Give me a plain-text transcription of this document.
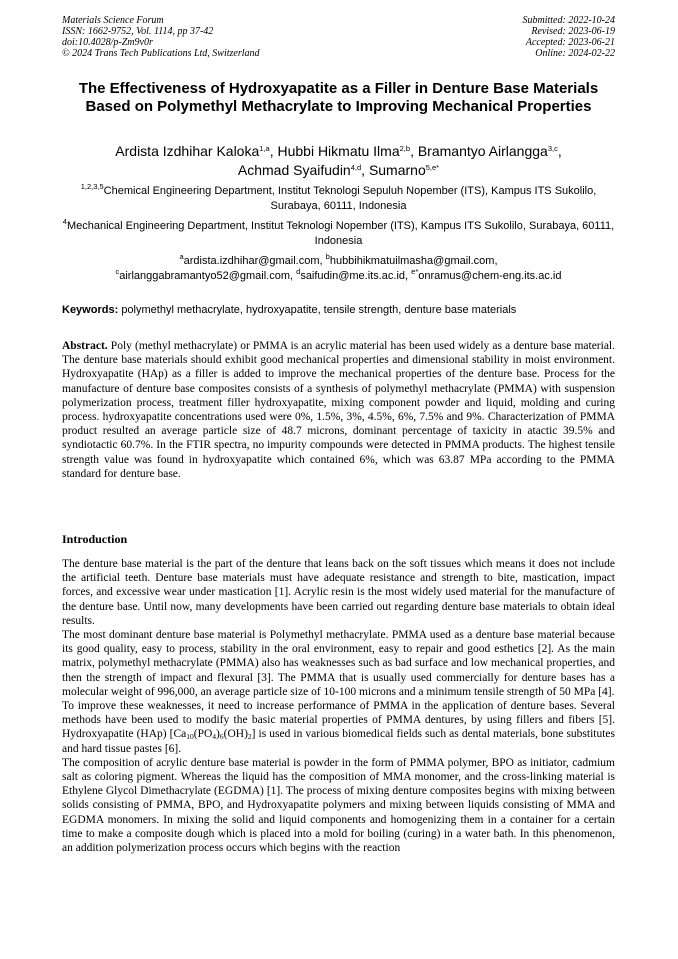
Materials Science Forum
ISSN: 1662-9752, Vol. 1114, pp 37-42
doi:10.4028/p-Zm9v0r
© 2024 Trans Tech Publications Ltd, Switzerland
Submitted: 2022-10-24
Revised: 2023-06-19
Accepted: 2023-06-21
Online: 2024-02-22
The Effectiveness of Hydroxyapatite as a Filler in Denture Base Materials Based on Polymethyl Methacrylate to Improving Mechanical Properties
Ardista Izdhihar Kaloka$^{1,a}$, Hubbi Hikmatu Ilma$^{2,b}$, Bramantyo Airlangga$^{3,c}$,
Achmad Syaifudin$^{4,d}$, Sumarno$^{5,e*}$
$^{1,2,3,5}$Chemical Engineering Department, Institut Teknologi Sepuluh Nopember (ITS), Kampus ITS Sukolilo, Surabaya, 60111, Indonesia
$^4$Mechanical Engineering Department, Institut Teknologi Nopember (ITS), Kampus ITS Sukolilo, Surabaya, 60111, Indonesia
$^a$ardista.izdhihar@gmail.com, $^b$hubbihikmatuilmasha@gmail.com,
$^c$airlanggabramantyo52@gmail.com, $^d$saifudin@me.its.ac.id, $^{e*}$onramus@chem-eng.its.ac.id
Keywords: polymethyl methacrylate, hydroxyapatite, tensile strength, denture base materials

Abstract. Poly (methyl methacrylate) or PMMA is an acrylic material has been used widely as a denture base material. The denture base materials should exhibit good mechanical properties and dimensional stability in moist environment. Hydroxyapatite (HAp) as a filler is added to improve the mechanical properties of the denture base. Process for the manufacture of denture base composites consists of a synthesis of polymethyl methacrylate (PMMA) with suspension polymerization process, treatment filler hydroxyapatite, mixing component powder and liquid, molding and curing process. hydroxyapatite concentrations used were 0%, 1.5%, 3%, 4.5%, 6%, 7.5% and 9%. Characterization of PMMA product resulted an average particle size of 48.7 microns, dominant percentage of taxicity in atactic 39.5% and syndiotactic 60.7%. In the FTIR spectra, no impurity compounds were detected in PMMA products. The highest tensile strength value was found in hydroxyapatite which contained 6%, which was 63.87 MPa according to the PMMA standard for denture base.

Introduction

The denture base material is the part of the denture that leans back on the soft tissues which means it does not include the artificial teeth. Denture base materials must have adequate resistance and strength to bite, mastication, impact forces, and excessive wear under mastication [1]. Acrylic resin is the most widely used material for the manufacture of the denture base. Until now, many developments have been carried out regarding denture base materials to obtain ideal results.

The most dominant denture base material is Polymethyl methacrylate. PMMA used as a denture base material because its good quality, easy to process, stability in the oral environment, easy to repair and good esthetics [2]. As the main matrix, polymethyl methacrylate (PMMA) also has weaknesses such as bad surface and low mechanical properties, and then the strength of impact and flexural [3]. The PMMA that is usually used commercially for denture bases has a molecular weight of 996,000, an average particle size of 10-100 microns and a minimum tensile strength of 50 MPa [4].

To improve these weaknesses, it need to increase performance of PMMA in the application of denture bases. Several methods have been used to modify the basic material properties of PMMA dentures, by using fillers and fibers [5]. Hydroxyapatite (HAp) $[Ca_{10}(PO_4)_6(OH)_2]$ is used in various biomedical fields such as dental materials, bone substitutes and hard tissue pastes [6].

The composition of acrylic denture base material is powder in the form of PMMA polymer, BPO as initiator, cadmium salt as coloring pigment. Whereas the liquid has the composition of MMA monomer, and the cross-linking material is Ethylene Glycol Dimethacrylate (EGDMA) [1]. The process of mixing denture composites begins with mixing between solids consisting of PMMA, BPO, and Hydroxyapatite polymers and mixing between liquids consisting of MMA and EGDMA monomers. In mixing the solid and liquid components and homogenizing them in a container for a certain time to make a composite dough which is placed into a mold for boiling (curing) in a water bath. In this phenomenon, an addition polymerization process occurs which begins with the reaction
